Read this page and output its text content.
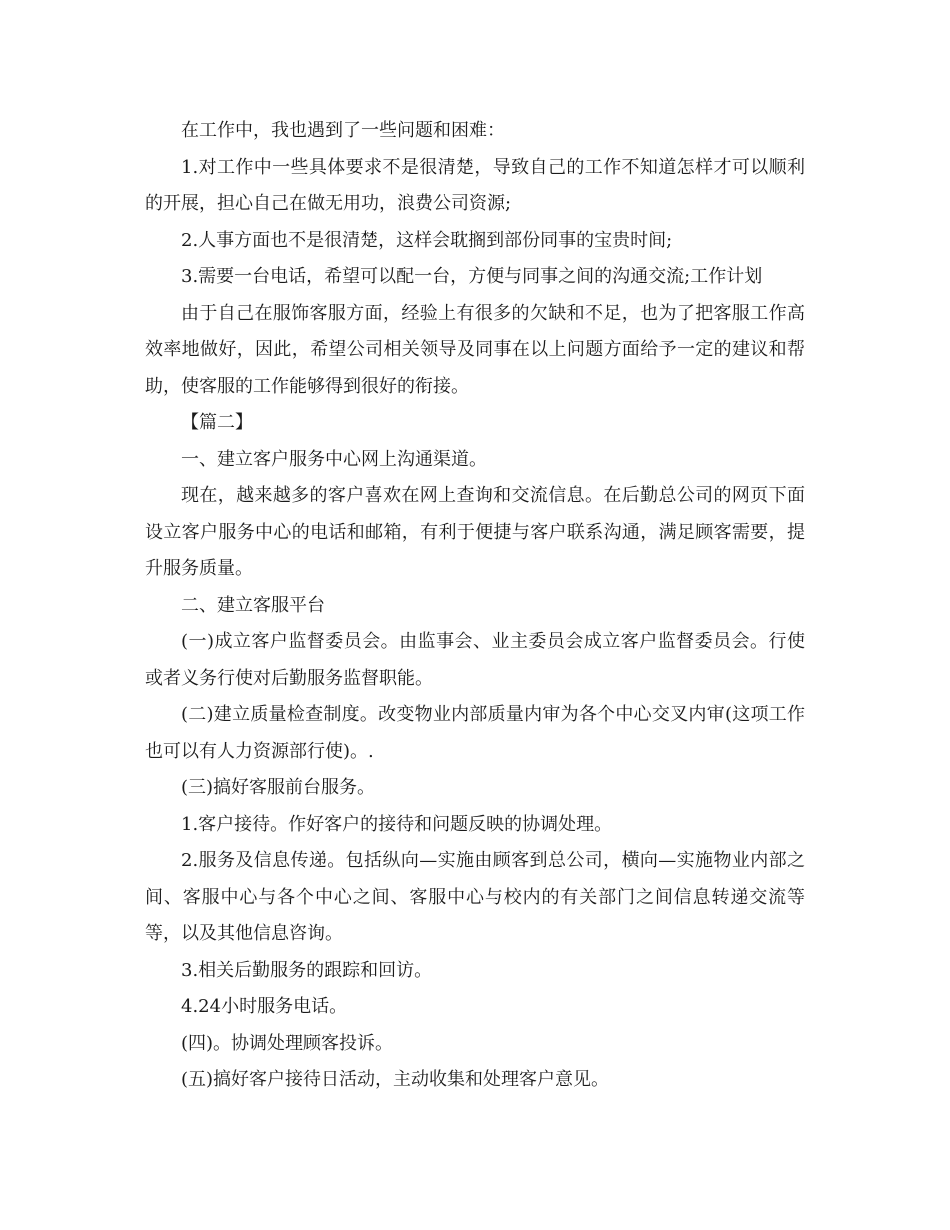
在工作中，我也遇到了一些问题和困难：

1.对工作中一些具体要求不是很清楚，导致自己的工作不知道怎样才可以顺利的开展，担心自己在做无用功，浪费公司资源;

2.人事方面也不是很清楚，这样会耽搁到部份同事的宝贵时间;

3.需要一台电话，希望可以配一台，方便与同事之间的沟通交流;工作计划

由于自己在服饰客服方面，经验上有很多的欠缺和不足，也为了把客服工作高效率地做好，因此，希望公司相关领导及同事在以上问题方面给予一定的建议和帮助，使客服的工作能够得到很好的衔接。

【篇二】

一、建立客户服务中心网上沟通渠道。

现在，越来越多的客户喜欢在网上查询和交流信息。在后勤总公司的网页下面设立客户服务中心的电话和邮箱，有利于便捷与客户联系沟通，满足顾客需要，提升服务质量。

二、建立客服平台

(一)成立客户监督委员会。由监事会、业主委员会成立客户监督委员会。行使或者义务行使对后勤服务监督职能。

(二)建立质量检查制度。改变物业内部质量内审为各个中心交叉内审(这项工作也可以有人力资源部行使)。.

(三)搞好客服前台服务。

1.客户接待。作好客户的接待和问题反映的协调处理。

2.服务及信息传递。包括纵向—实施由顾客到总公司，横向—实施物业内部之间、客服中心与各个中心之间、客服中心与校内的有关部门之间信息转递交流等等，以及其他信息咨询。

3.相关后勤服务的跟踪和回访。

4.24小时服务电话。

(四)。协调处理顾客投诉。

(五)搞好客户接待日活动，主动收集和处理客户意见。
